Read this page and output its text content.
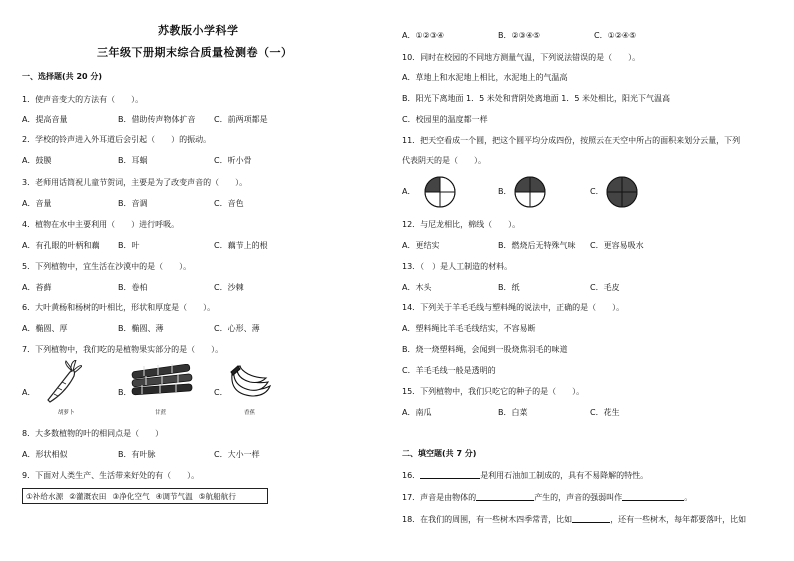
苏教版小学科学
三年级下册期末综合质量检测卷（一）
一、选择题(共 20 分)
1．使声音变大的方法有（　　）。
A．提高音量	B．借助传声物体扩音 C．前两项都是
2．学校的铃声进入外耳道后会引起（　　）的振动。
A．鼓膜	B．耳蜗	C．听小骨
3．老师用话筒祝儿童节贺词，主要是为了改变声音的（　　）。
A．音量	B．音调	C．音色
4．植物在水中主要利用（　　）进行呼吸。
A．有孔眼的叶柄和藕 B．叶	C．藕节上的根
5．下列植物中，宜生活在沙漠中的是（　　）。
A．苔藓	B．卷柏	C．沙棘
6．大叶黄杨和杨树的叶相比，形状和厚度是（　　）。
A．椭圆、厚	B．椭圆、薄	C．心形、薄
7．下列植物中，我们吃的是植物果实部分的是（　　）。
A．	B．	C．
胡萝卜	甘蔗	香蕉
8．大多数植物的叶的相同点是（　　）
A．形状相似	B．有叶脉	C．大小一样
9．下面对人类生产、生活带来好处的有（　　）。
①补给水源 ②灌溉农田 ③净化空气 ④调节气温 ⑤航船航行
A．①②③④	B．②③④⑤	C．①②④⑤
10．同时在校园的不同地方测量气温，下列说法错误的是（　　）。
A．草地上和水泥地上相比，水泥地上的气温高
B．阳光下离地面 1．5 米处和背阴处离地面 1．5 米处相比，阳光下气温高
C．校园里的温度都一样
11．把天空看成一个圆，把这个圆平均分成四份，按照云在天空中所占的面积来划分云量，下列
代表阴天的是（　　）。
A．	B．	C．
12．与尼龙相比，棉线（　　）。
A．更结实	B．燃烧后无特殊气味 C．更容易吸水
13．（　）是人工制造的材料。
A．木头	B．纸	C．毛皮
14．下列关于羊毛毛线与塑料绳的说法中，正确的是（　　）。
A．塑料绳比羊毛毛线结实，不容易断
B．烧一烧塑料绳，会闻到一股烧焦羽毛的味道
C．羊毛毛线一般是透明的
15．下列植物中，我们只吃它的种子的是（　　）。
A．南瓜	B．白菜	C．花生
二、填空题(共 7 分)
16．	是利用石油加工制成的，具有不易降解的特性。
17．声音是由物体的	产生的，声音的强弱叫作	。
18．在我们的周围，有一些树木四季常青，比如	，还有一些树木，每年都要落叶，比如
